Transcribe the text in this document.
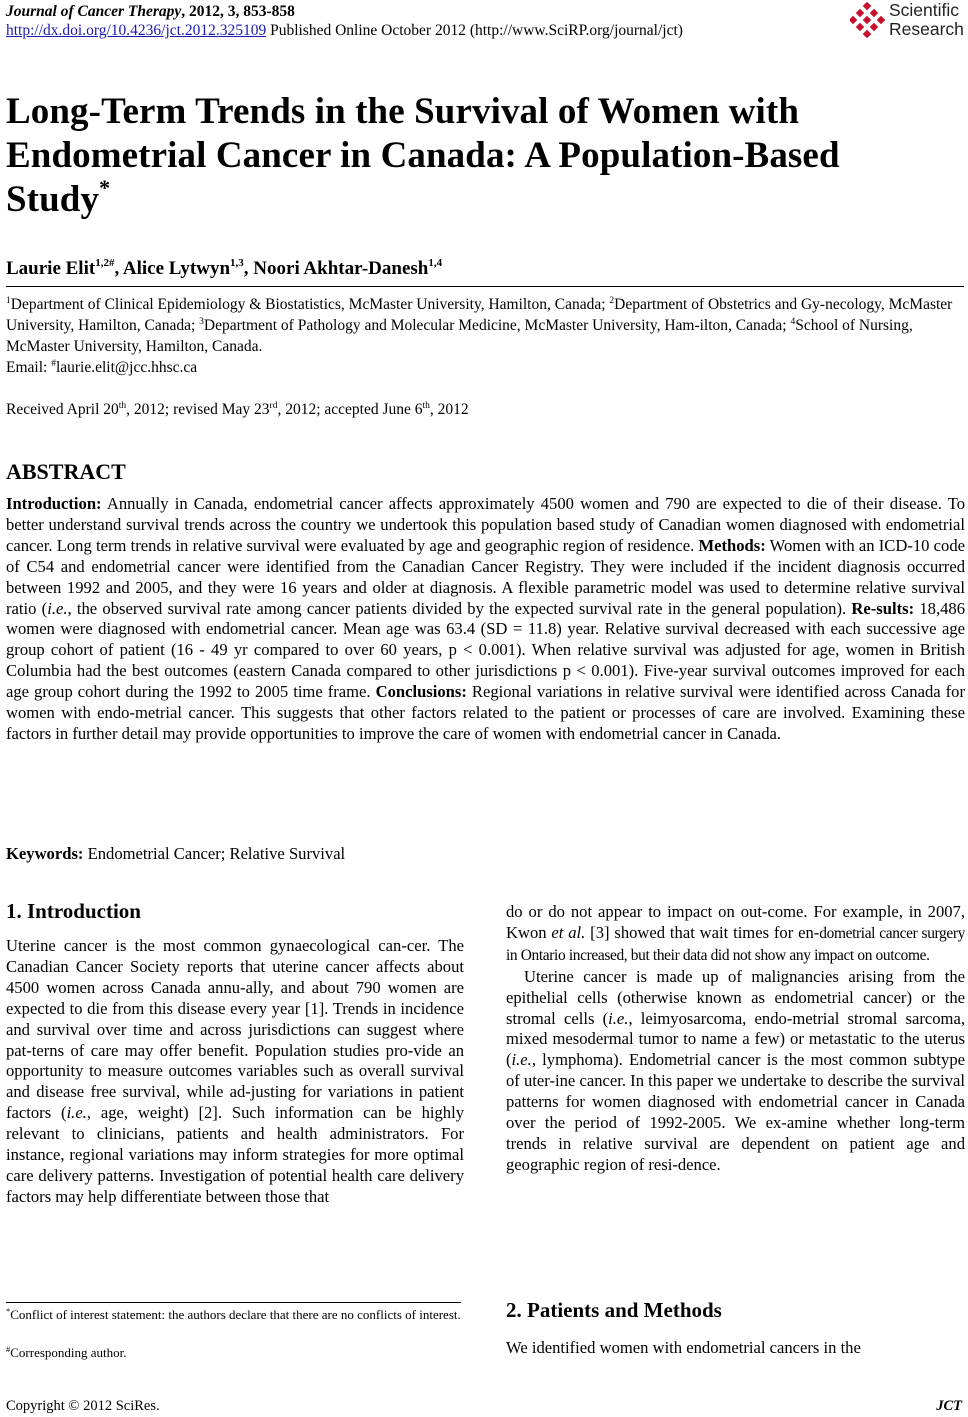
Journal of Cancer Therapy, 2012, 3, 853-858
http://dx.doi.org/10.4236/jct.2012.325109 Published Online October 2012 (http://www.SciRP.org/journal/jct)
Scientific
Research
Long-Term Trends in the Survival of Women with
Endometrial Cancer in Canada: A Population-Based
Study*
Laurie Elit$^{1,2\#}$, Alice Lytwyn$^{1,3}$, Noori Akhtar-Danesh$^{1,4}$
$^1$Department of Clinical Epidemiology & Biostatistics, McMaster University, Hamilton, Canada; $^2$Department of Obstetrics and Gy-necology, McMaster University, Hamilton, Canada; $^3$Department of Pathology and Molecular Medicine, McMaster University, Ham-ilton, Canada; $^4$School of Nursing, McMaster University, Hamilton, Canada.
Email: #laurie.elit@jcc.hhsc.ca
Received April 20th, 2012; revised May 23rd, 2012; accepted June 6th, 2012
ABSTRACT
Introduction: Annually in Canada, endometrial cancer affects approximately 4500 women and 790 are expected to die of their disease. To better understand survival trends across the country we undertook this population based study of Canadian women diagnosed with endometrial cancer. Long term trends in relative survival were evaluated by age and geographic region of residence. Methods: Women with an ICD-10 code of C54 and endometrial cancer were identified from the Canadian Cancer Registry. They were included if the incident diagnosis occurred between 1992 and 2005, and they were 16 years and older at diagnosis. A flexible parametric model was used to determine relative survival ratio (i.e., the observed survival rate among cancer patients divided by the expected survival rate in the general population). Re-sults: 18,486 women were diagnosed with endometrial cancer. Mean age was 63.4 (SD = 11.8) year. Relative survival decreased with each successive age group cohort of patient (16 - 49 yr compared to over 60 years, p < 0.001). When relative survival was adjusted for age, women in British Columbia had the best outcomes (eastern Canada compared to other jurisdictions p < 0.001). Five-year survival outcomes improved for each age group cohort during the 1992 to 2005 time frame. Conclusions: Regional variations in relative survival were identified across Canada for women with endo-metrial cancer. This suggests that other factors related to the patient or processes of care are involved. Examining these factors in further detail may provide opportunities to improve the care of women with endometrial cancer in Canada.
Keywords: Endometrial Cancer; Relative Survival
1. Introduction

Uterine cancer is the most common gynaecological can-cer. The Canadian Cancer Society reports that uterine cancer affects about 4500 women across Canada annu-ally, and about 790 women are expected to die from this disease every year [1]. Trends in incidence and survival over time and across jurisdictions can suggest where pat-terns of care may offer benefit. Population studies pro-vide an opportunity to measure outcomes variables such as overall survival and disease free survival, while ad-justing for variations in patient factors (i.e., age, weight) [2]. Such information can be highly relevant to clinicians, patients and health administrators. For instance, regional variations may inform strategies for more optimal care delivery patterns. Investigation of potential health care delivery factors may help differentiate between those that

do or do not appear to impact on out-come. For example, in 2007, Kwon et al. [3] showed that wait times for en-dometrial cancer surgery in Ontario increased, but their data did not show any impact on outcome.

Uterine cancer is made up of malignancies arising from the epithelial cells (otherwise known as endometrial cancer) or the stromal cells (i.e., leimyosarcoma, endo-metrial stromal sarcoma, mixed mesodermal tumor to name a few) or metastatic to the uterus (i.e., lymphoma). Endometrial cancer is the most common subtype of uter-ine cancer. In this paper we undertake to describe the survival patterns for women diagnosed with endometrial cancer in Canada over the period of 1992-2005. We ex-amine whether long-term trends in relative survival are dependent on patient age and geographic region of resi-dence.

2. Patients and Methods

We identified women with endometrial cancers in the

*Conflict of interest statement: the authors declare that there are no conflicts of interest.
#Corresponding author.
Copyright © 2012 SciRes.	JCT
